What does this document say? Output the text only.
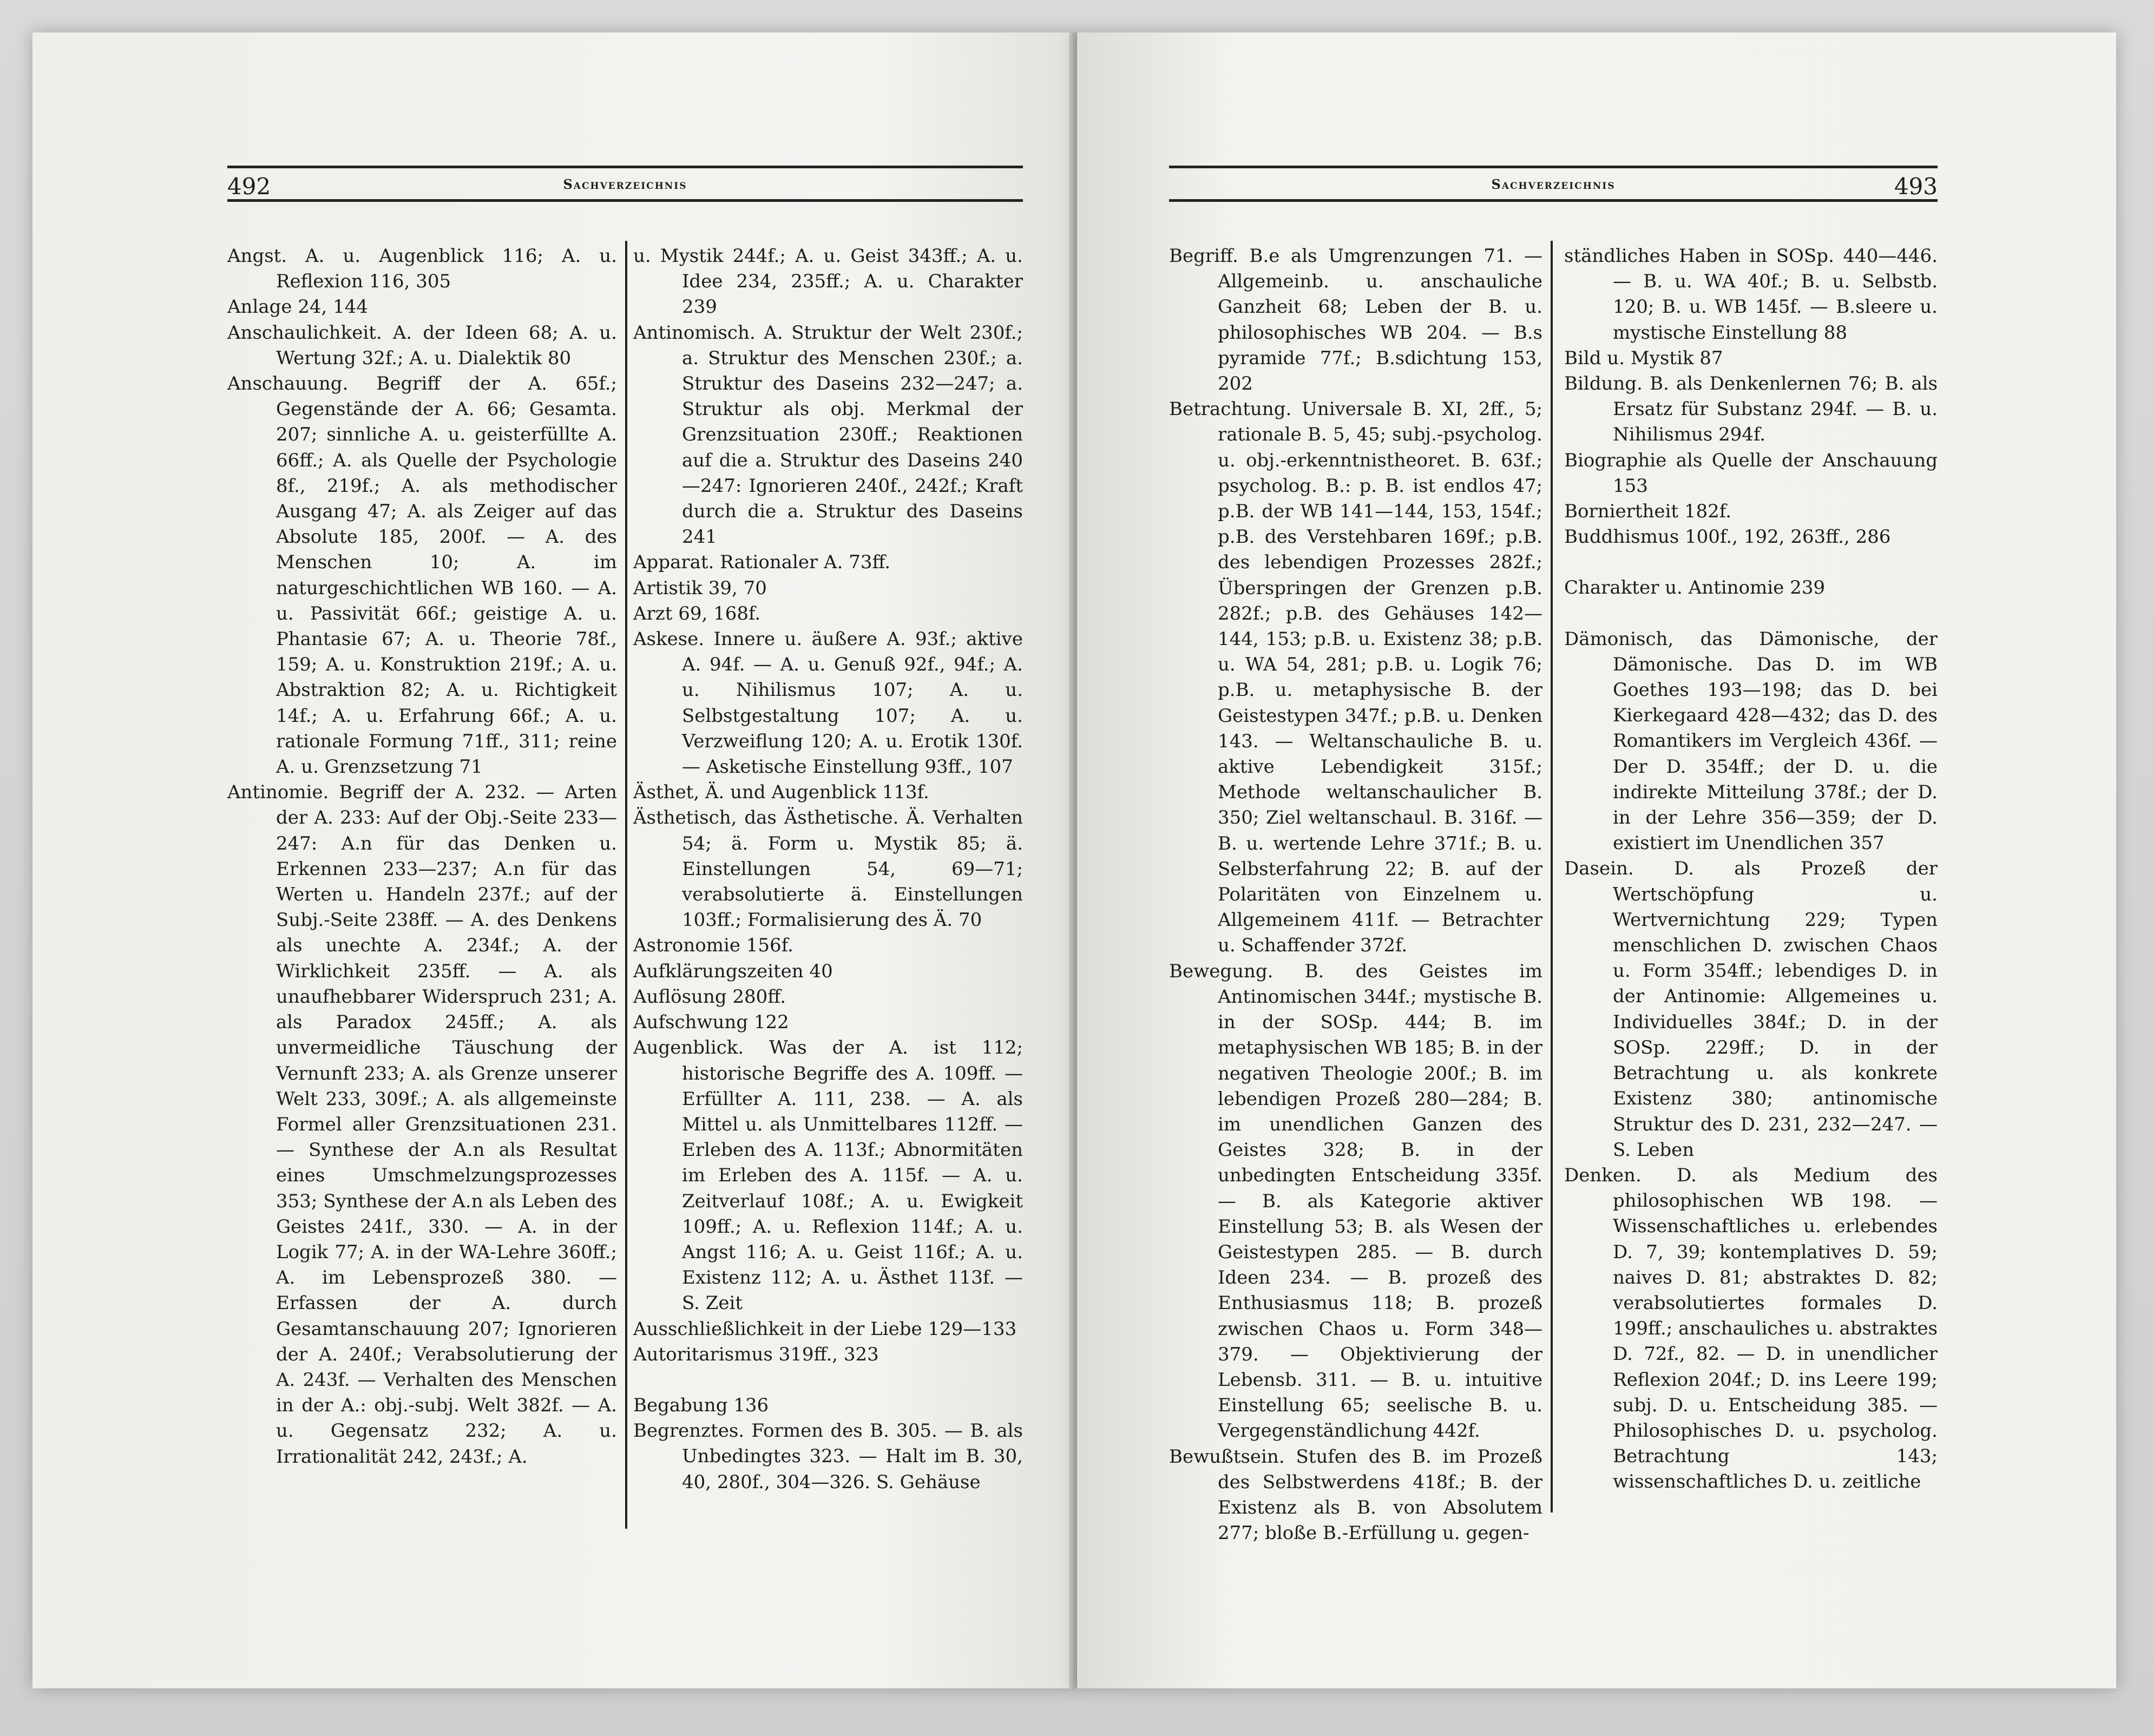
492	Sachverzeichnis

Angst. A. u. Augenblick 116; A. u. Reflexion 116, 305

Anlage 24, 144

Anschaulichkeit. A. der Ideen 68; A. u. Wertung 32f.; A. u. Dialektik 80

Anschauung. Begriff der A. 65f.; Gegenstände der A. 66; Gesamta. 207; sinnliche A. u. geisterfüllte A. 66ff.; A. als Quelle der Psychologie 8f., 219f.; A. als methodischer Ausgang 47; A. als Zeiger auf das Absolute 185, 200f. — A. des Menschen 10; A. im naturgeschichtlichen WB 160. — A. u. Passivität 66f.; geistige A. u. Phantasie 67; A. u. Theorie 78f., 159; A. u. Konstruktion 219f.; A. u. Abstraktion 82; A. u. Richtigkeit 14f.; A. u. Erfahrung 66f.; A. u. rationale Formung 71ff., 311; reine A. u. Grenzsetzung 71

Antinomie. Begriff der A. 232. — Arten der A. 233: Auf der Obj.-Seite 233—247: A.n für das Denken u. Erkennen 233—237; A.n für das Werten u. Handeln 237f.; auf der Subj.-Seite 238ff. — A. des Denkens als unechte A. 234f.; A. der Wirklichkeit 235ff. — A. als unaufhebbarer Widerspruch 231; A. als Paradox 245ff.; A. als unvermeidliche Täuschung der Vernunft 233; A. als Grenze unserer Welt 233, 309f.; A. als allgemeinste Formel aller Grenzsituationen 231. — Synthese der A.n als Resultat eines Umschmelzungsprozesses 353; Synthese der A.n als Leben des Geistes 241f., 330. — A. in der Logik 77; A. in der WA-Lehre 360ff.; A. im Lebensprozeß 380. — Erfassen der A. durch Gesamtanschauung 207; Ignorieren der A. 240f.; Verabsolutierung der A. 243f. — Verhalten des Menschen in der A.: obj.-subj. Welt 382f. — A. u. Gegensatz 232; A. u. Irrationalität 242, 243f.; A.

u. Mystik 244f.; A. u. Geist 343ff.; A. u. Idee 234, 235ff.; A. u. Charakter 239

Antinomisch. A. Struktur der Welt 230f.; a. Struktur des Menschen 230f.; a. Struktur des Daseins 232—247; a. Struktur als obj. Merkmal der Grenzsituation 230ff.; Reaktionen auf die a. Struktur des Daseins 240—247: Ignorieren 240f., 242f.; Kraft durch die a. Struktur des Daseins 241

Apparat. Rationaler A. 73ff.

Artistik 39, 70

Arzt 69, 168f.

Askese. Innere u. äußere A. 93f.; aktive A. 94f. — A. u. Genuß 92f., 94f.; A. u. Nihilismus 107; A. u. Selbstgestaltung 107; A. u. Verzweiflung 120; A. u. Erotik 130f. — Asketische Einstellung 93ff., 107

Ästhet, Ä. und Augenblick 113f.

Ästhetisch, das Ästhetische. Ä. Verhalten 54; ä. Form u. Mystik 85; ä. Einstellungen 54, 69—71; verabsolutierte ä. Einstellungen 103ff.; Formalisierung des Ä. 70

Astronomie 156f.

Aufklärungszeiten 40

Auflösung 280ff.

Aufschwung 122

Augenblick. Was der A. ist 112; historische Begriffe des A. 109ff. — Erfüllter A. 111, 238. — A. als Mittel u. als Unmittelbares 112ff. — Erleben des A. 113f.; Abnormitäten im Erleben des A. 115f. — A. u. Zeitverlauf 108f.; A. u. Ewigkeit 109ff.; A. u. Reflexion 114f.; A. u. Angst 116; A. u. Geist 116f.; A. u. Existenz 112; A. u. Ästhet 113f. — S. Zeit

Ausschließlichkeit in der Liebe 129—133

Autoritarismus 319ff., 323

Begabung 136

Begrenztes. Formen des B. 305. — B. als Unbedingtes 323. — Halt im B. 30, 40, 280f., 304—326. S. Gehäuse

Sachverzeichnis	493

Begriff. B.e als Umgrenzungen 71. — Allgemeinb. u. anschauliche Ganzheit 68; Leben der B. u. philosophisches WB 204. — B.s pyramide 77f.; B.sdichtung 153, 202

Betrachtung. Universale B. XI, 2ff., 5; rationale B. 5, 45; subj.-psycholog. u. obj.-erkenntnistheoret. B. 63f.; psycholog. B.: p. B. ist endlos 47; p.B. der WB 141—144, 153, 154f.; p.B. des Verstehbaren 169f.; p.B. des lebendigen Prozesses 282f.; Überspringen der Grenzen p.B. 282f.; p.B. des Gehäuses 142—144, 153; p.B. u. Existenz 38; p.B. u. WA 54, 281; p.B. u. Logik 76; p.B. u. metaphysische B. der Geistestypen 347f.; p.B. u. Denken 143. — Weltanschauliche B. u. aktive Lebendigkeit 315f.; Methode weltanschaulicher B. 350; Ziel weltanschaul. B. 316f. — B. u. wertende Lehre 371f.; B. u. Selbsterfahrung 22; B. auf der Polaritäten von Einzelnem u. Allgemeinem 411f. — Betrachter u. Schaffender 372f.

Bewegung. B. des Geistes im Antinomischen 344f.; mystische B. in der SOSp. 444; B. im metaphysischen WB 185; B. in der negativen Theologie 200f.; B. im lebendigen Prozeß 280—284; B. im unendlichen Ganzen des Geistes 328; B. in der unbedingten Entscheidung 335f. — B. als Kategorie aktiver Einstellung 53; B. als Wesen der Geistestypen 285. — B. durch Ideen 234. — B. prozeß des Enthusiasmus 118; B. prozeß zwischen Chaos u. Form 348—379. — Objektivierung der Lebensb. 311. — B. u. intuitive Einstellung 65; seelische B. u. Vergegenständlichung 442f.

Bewußtsein. Stufen des B. im Prozeß des Selbstwerdens 418f.; B. der Existenz als B. von Absolutem 277; bloße B.-Erfüllung u. gegen-

ständliches Haben in SOSp. 440—446. — B. u. WA 40f.; B. u. Selbstb. 120; B. u. WB 145f. — B.sleere u. mystische Einstellung 88

Bild u. Mystik 87

Bildung. B. als Denkenlernen 76; B. als Ersatz für Substanz 294f. — B. u. Nihilismus 294f.

Biographie als Quelle der Anschauung 153

Borniertheit 182f.

Buddhismus 100f., 192, 263ff., 286

Charakter u. Antinomie 239

Dämonisch, das Dämonische, der Dämonische. Das D. im WB Goethes 193—198; das D. bei Kierkegaard 428—432; das D. des Romantikers im Vergleich 436f. — Der D. 354ff.; der D. u. die indirekte Mitteilung 378f.; der D. in der Lehre 356—359; der D. existiert im Unendlichen 357

Dasein. D. als Prozeß der Wertschöpfung u. Wertvernichtung 229; Typen menschlichen D. zwischen Chaos u. Form 354ff.; lebendiges D. in der Antinomie: Allgemeines u. Individuelles 384f.; D. in der SOSp. 229ff.; D. in der Betrachtung u. als konkrete Existenz 380; antinomische Struktur des D. 231, 232—247. — S. Leben

Denken. D. als Medium des philosophischen WB 198. — Wissenschaftliches u. erlebendes D. 7, 39; kontemplatives D. 59; naives D. 81; abstraktes D. 82; verabsolutiertes formales D. 199ff.; anschauliches u. abstraktes D. 72f., 82. — D. in unendlicher Reflexion 204f.; D. ins Leere 199; subj. D. u. Entscheidung 385. — Philosophisches D. u. psycholog. Betrachtung 143; wissenschaftliches D. u. zeitliche
